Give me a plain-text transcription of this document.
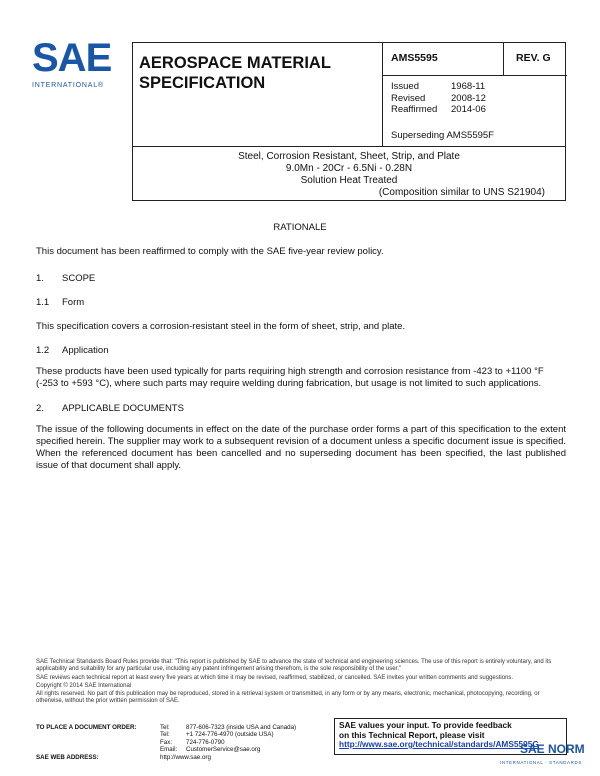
SAE
INTERNATIONAL®
AEROSPACE MATERIAL
SPECIFICATION
AMS5595	REV. G
Issued	1968-11
Revised	2008-12
Reaffirmed	2014-06
Superseding AMS5595F
Steel, Corrosion Resistant, Sheet, Strip, and Plate
9.0Mn - 20Cr - 6.5Ni - 0.28N
Solution Heat Treated
(Composition similar to UNS S21904)
RATIONALE
This document has been reaffirmed to comply with the SAE five-year review policy.
1. SCOPE
1.1 Form
This specification covers a corrosion-resistant steel in the form of sheet, strip, and plate.
1.2 Application
These products have been used typically for parts requiring high strength and corrosion resistance from -423 to +1100 °F (-253 to +593 °C), where such parts may require welding during fabrication, but usage is not limited to such applications.
2. APPLICABLE DOCUMENTS
The issue of the following documents in effect on the date of the purchase order forms a part of this specification to the extent specified herein. The supplier may work to a subsequent revision of a document unless a specific document issue is specified. When the referenced document has been cancelled and no superseding document has been specified, the last published issue of that document shall apply.

SAE Technical Standards Board Rules provide that: "This report is published by SAE to advance the state of technical and engineering sciences. The use of this report is entirely voluntary, and its applicability and suitability for any particular use, including any patent infringement arising therefrom, is the sole responsibility of the user."

SAE reviews each technical report at least every five years at which time it may be revised, reaffirmed, stabilized, or cancelled. SAE invites your written comments and suggestions.

Copyright © 2014 SAE International

All rights reserved. No part of this publication may be reproduced, stored in a retrieval system or transmitted, in any form or by any means, electronic, mechanical, photocopying, recording, or otherwise, without the prior written permission of SAE.

TO PLACE A DOCUMENT ORDER:	Tel:	877-606-7323 (inside USA and Canada)
Tel:	+1 724-776-4970 (outside USA)
Fax:	724-776-0790
Email:	CustomerService@sae.org
SAE WEB ADDRESS:	http://www.sae.org
SAE values your input. To provide feedback
on this Technical Report, please visit
http://www.sae.org/technical/standards/AMS5595G
SAE NORM
INTERNATIONAL · STANDARDS
